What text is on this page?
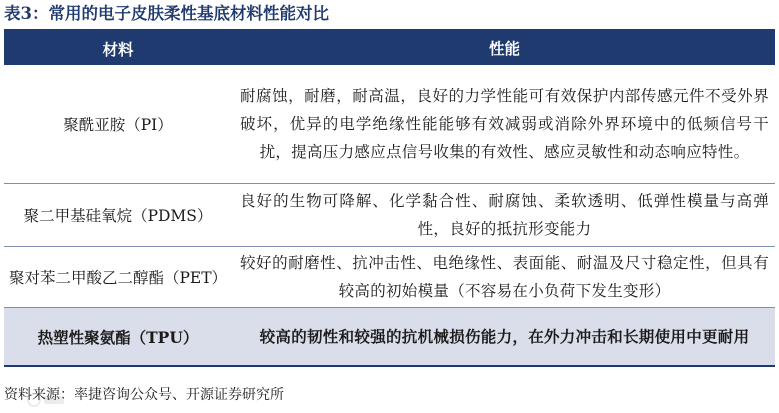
表3：常用的电子皮肤柔性基底材料性能对比
材料	性能
聚酰亚胺（PI）
耐腐蚀，耐磨，耐高温，良好的力学性能可有效保护内部传感元件不受外界破坏，优异的电学绝缘性能能够有效减弱或消除外界环境中的低频信号干扰，提高压力感应点信号收集的有效性、感应灵敏性和动态响应特性。
聚二甲基硅氧烷（PDMS）
良好的生物可降解、化学黏合性、耐腐蚀、柔软透明、低弹性模量与高弹性，良好的抵抗形变能力
聚对苯二甲酸乙二醇酯（PET）
较好的耐磨性、抗冲击性、电绝缘性、表面能、耐温及尺寸稳定性，但具有较高的初始模量（不容易在小负荷下发生变形）
热塑性聚氨酯（TPU）	较高的韧性和较强的抗机械损伤能力，在外力冲击和长期使用中更耐用
资料来源：率捷咨询公众号、开源证券研究所
